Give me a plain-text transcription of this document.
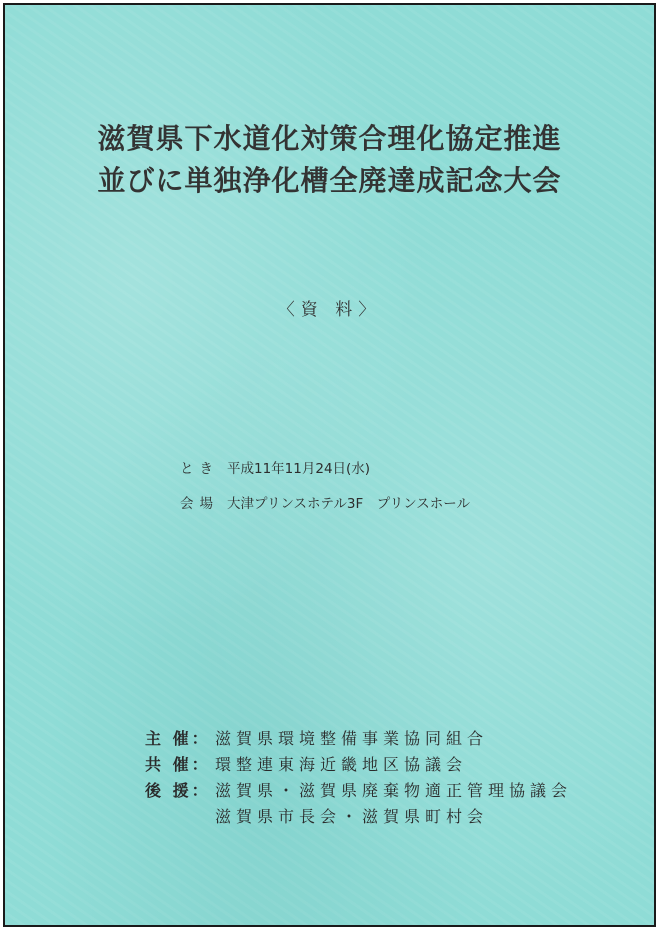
滋賀県下水道化対策合理化協定推進
並びに単独浄化槽全廃達成記念大会
〈資 料〉
とき 平成11年11月24日(水)
会場 大津プリンスホテル3F　プリンスホール
主 催： 滋賀県環境整備事業協同組合
共 催： 環整連東海近畿地区協議会
後 援： 滋賀県・滋賀県廃棄物適正管理協議会
滋賀県市長会・滋賀県町村会
